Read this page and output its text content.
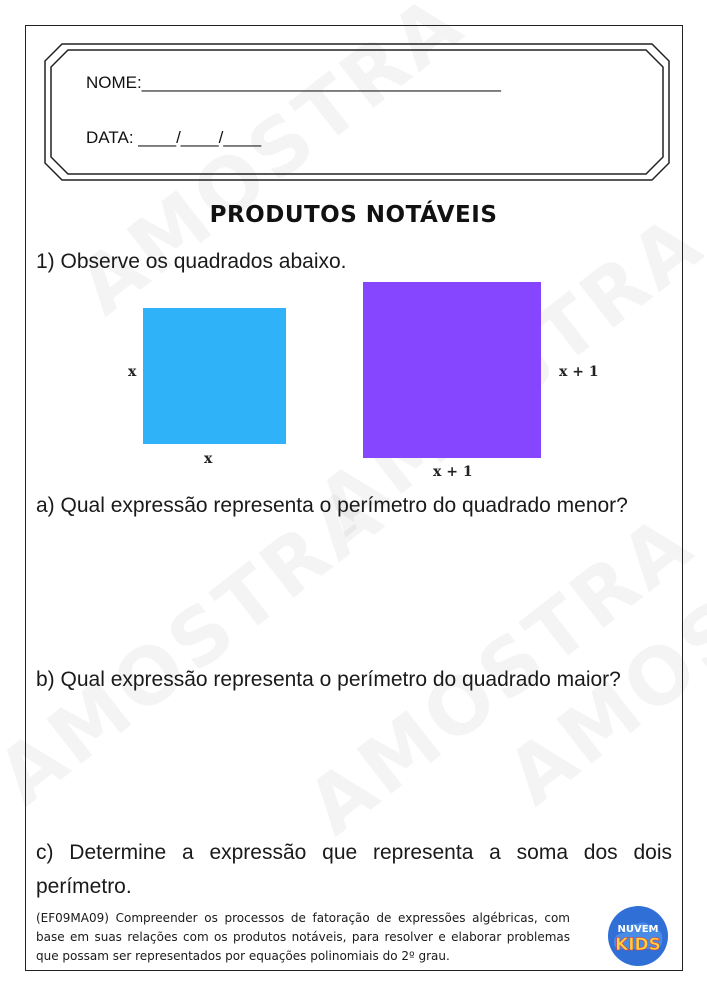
NOME:______________________________________
DATA: ____/____/____
PRODUTOS NOTÁVEIS
1) Observe os quadrados abaixo.
x
x
x + 1
x + 1
a) Qual expressão representa o perímetro do quadrado menor?
b) Qual expressão representa o perímetro do quadrado maior?
c) Determine a expressão que representa a soma dos dois perímetro.
(EF09MA09) Compreender os processos de fatoração de expressões algébricas, com base em suas relações com os produtos notáveis, para resolver e elaborar problemas que possam ser representados por equações polinomiais do 2º grau.
NUVEM
KIDS
